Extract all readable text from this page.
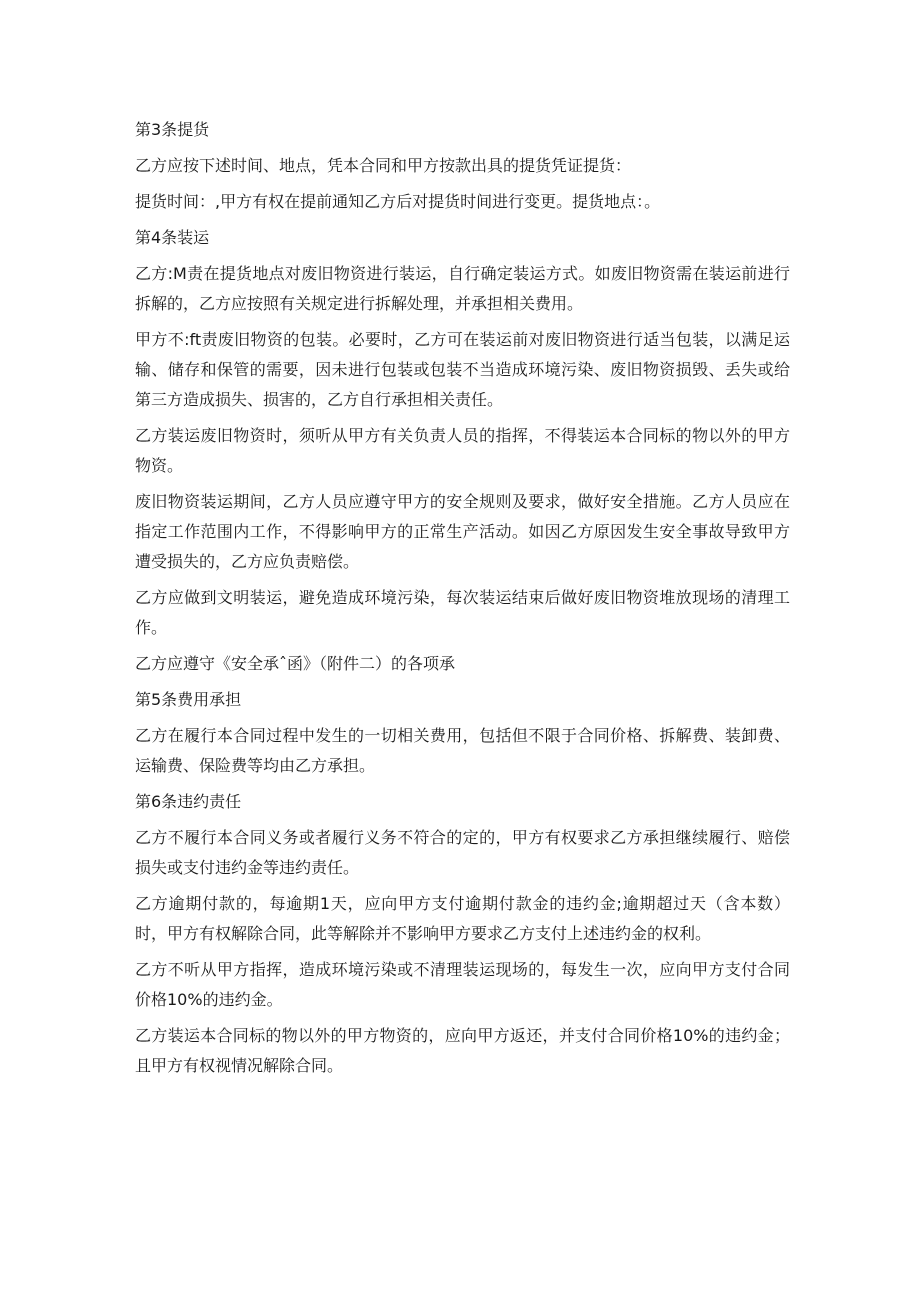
第3条提货

乙方应按下述时间、地点，凭本合同和甲方按款出具的提货凭证提货：

提货时间：,甲方有权在提前通知乙方后对提货时间进行变更。提货地点：。

第4条装运

乙方:M责在提货地点对废旧物资进行装运，自行确定装运方式。如废旧物资需在装运前进行拆解的，乙方应按照有关规定进行拆解处理，并承担相关费用。

甲方不:ft责废旧物资的包装。必要时，乙方可在装运前对废旧物资进行适当包装，以满足运输、储存和保管的需要，因未进行包装或包装不当造成环境污染、废旧物资损毁、丢失或给第三方造成损失、损害的，乙方自行承担相关责任。

乙方装运废旧物资时，须听从甲方有关负责人员的指挥，不得装运本合同标的物以外的甲方物资。

废旧物资装运期间，乙方人员应遵守甲方的安全规则及要求，做好安全措施。乙方人员应在指定工作范围内工作，不得影响甲方的正常生产活动。如因乙方原因发生安全事故导致甲方遭受损失的，乙方应负责赔偿。

乙方应做到文明装运，避免造成环境污染，每次装运结束后做好废旧物资堆放现场的清理工作。

乙方应遵守《安全承ˆ函》（附件二）的各项承

第5条费用承担

乙方在履行本合同过程中发生的一切相关费用，包括但不限于合同价格、拆解费、装卸费、运输费、保险费等均由乙方承担。

第6条违约责任

乙方不履行本合同义务或者履行义务不符合的定的，甲方有权要求乙方承担继续履行、赔偿损失或支付违约金等违约责任。

乙方逾期付款的，每逾期1天，应向甲方支付逾期付款金的违约金;逾期超过天（含本数）时，甲方有权解除合同，此等解除并不影响甲方要求乙方支付上述违约金的权利。

乙方不听从甲方指挥，造成环境污染或不清理装运现场的，每发生一次，应向甲方支付合同价格10%的违约金。

乙方装运本合同标的物以外的甲方物资的，应向甲方返还，并支付合同价格10%的违约金；且甲方有权视情况解除合同。
